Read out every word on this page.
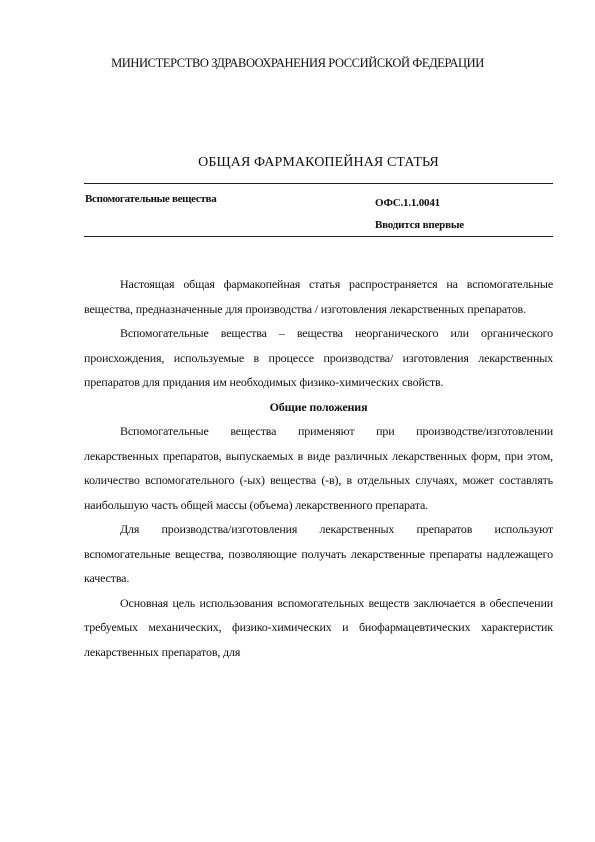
МИНИСТЕРСТВО ЗДРАВООХРАНЕНИЯ РОССИЙСКОЙ ФЕДЕРАЦИИ
ОБЩАЯ ФАРМАКОПЕЙНАЯ СТАТЬЯ
Вспомогательные вещества	ОФС.1.1.0041
Вводится впервые

Настоящая общая фармакопейная статья распространяется на вспомогательные вещества, предназначенные для производства / изготовления лекарственных препаратов.

Вспомогательные вещества – вещества неорганического или органического происхождения, используемые в процессе производства/ изготовления лекарственных препаратов для придания им необходимых физико-химических свойств.

Общие положения

Вспомогательные вещества применяют при производстве/изготовлении лекарственных препаратов, выпускаемых в виде различных лекарственных форм, при этом, количество вспомогательного (-ых) вещества (-в), в отдельных случаях, может составлять наибольшую часть общей массы (объема) лекарственного препарата.

Для производства/изготовления лекарственных препаратов используют вспомогательные вещества, позволяющие получать лекарственные препараты надлежащего качества.

Основная цель использования вспомогательных веществ заключается в обеспечении требуемых механических, физико-химических и биофармацевтических характеристик лекарственных препаратов, для
